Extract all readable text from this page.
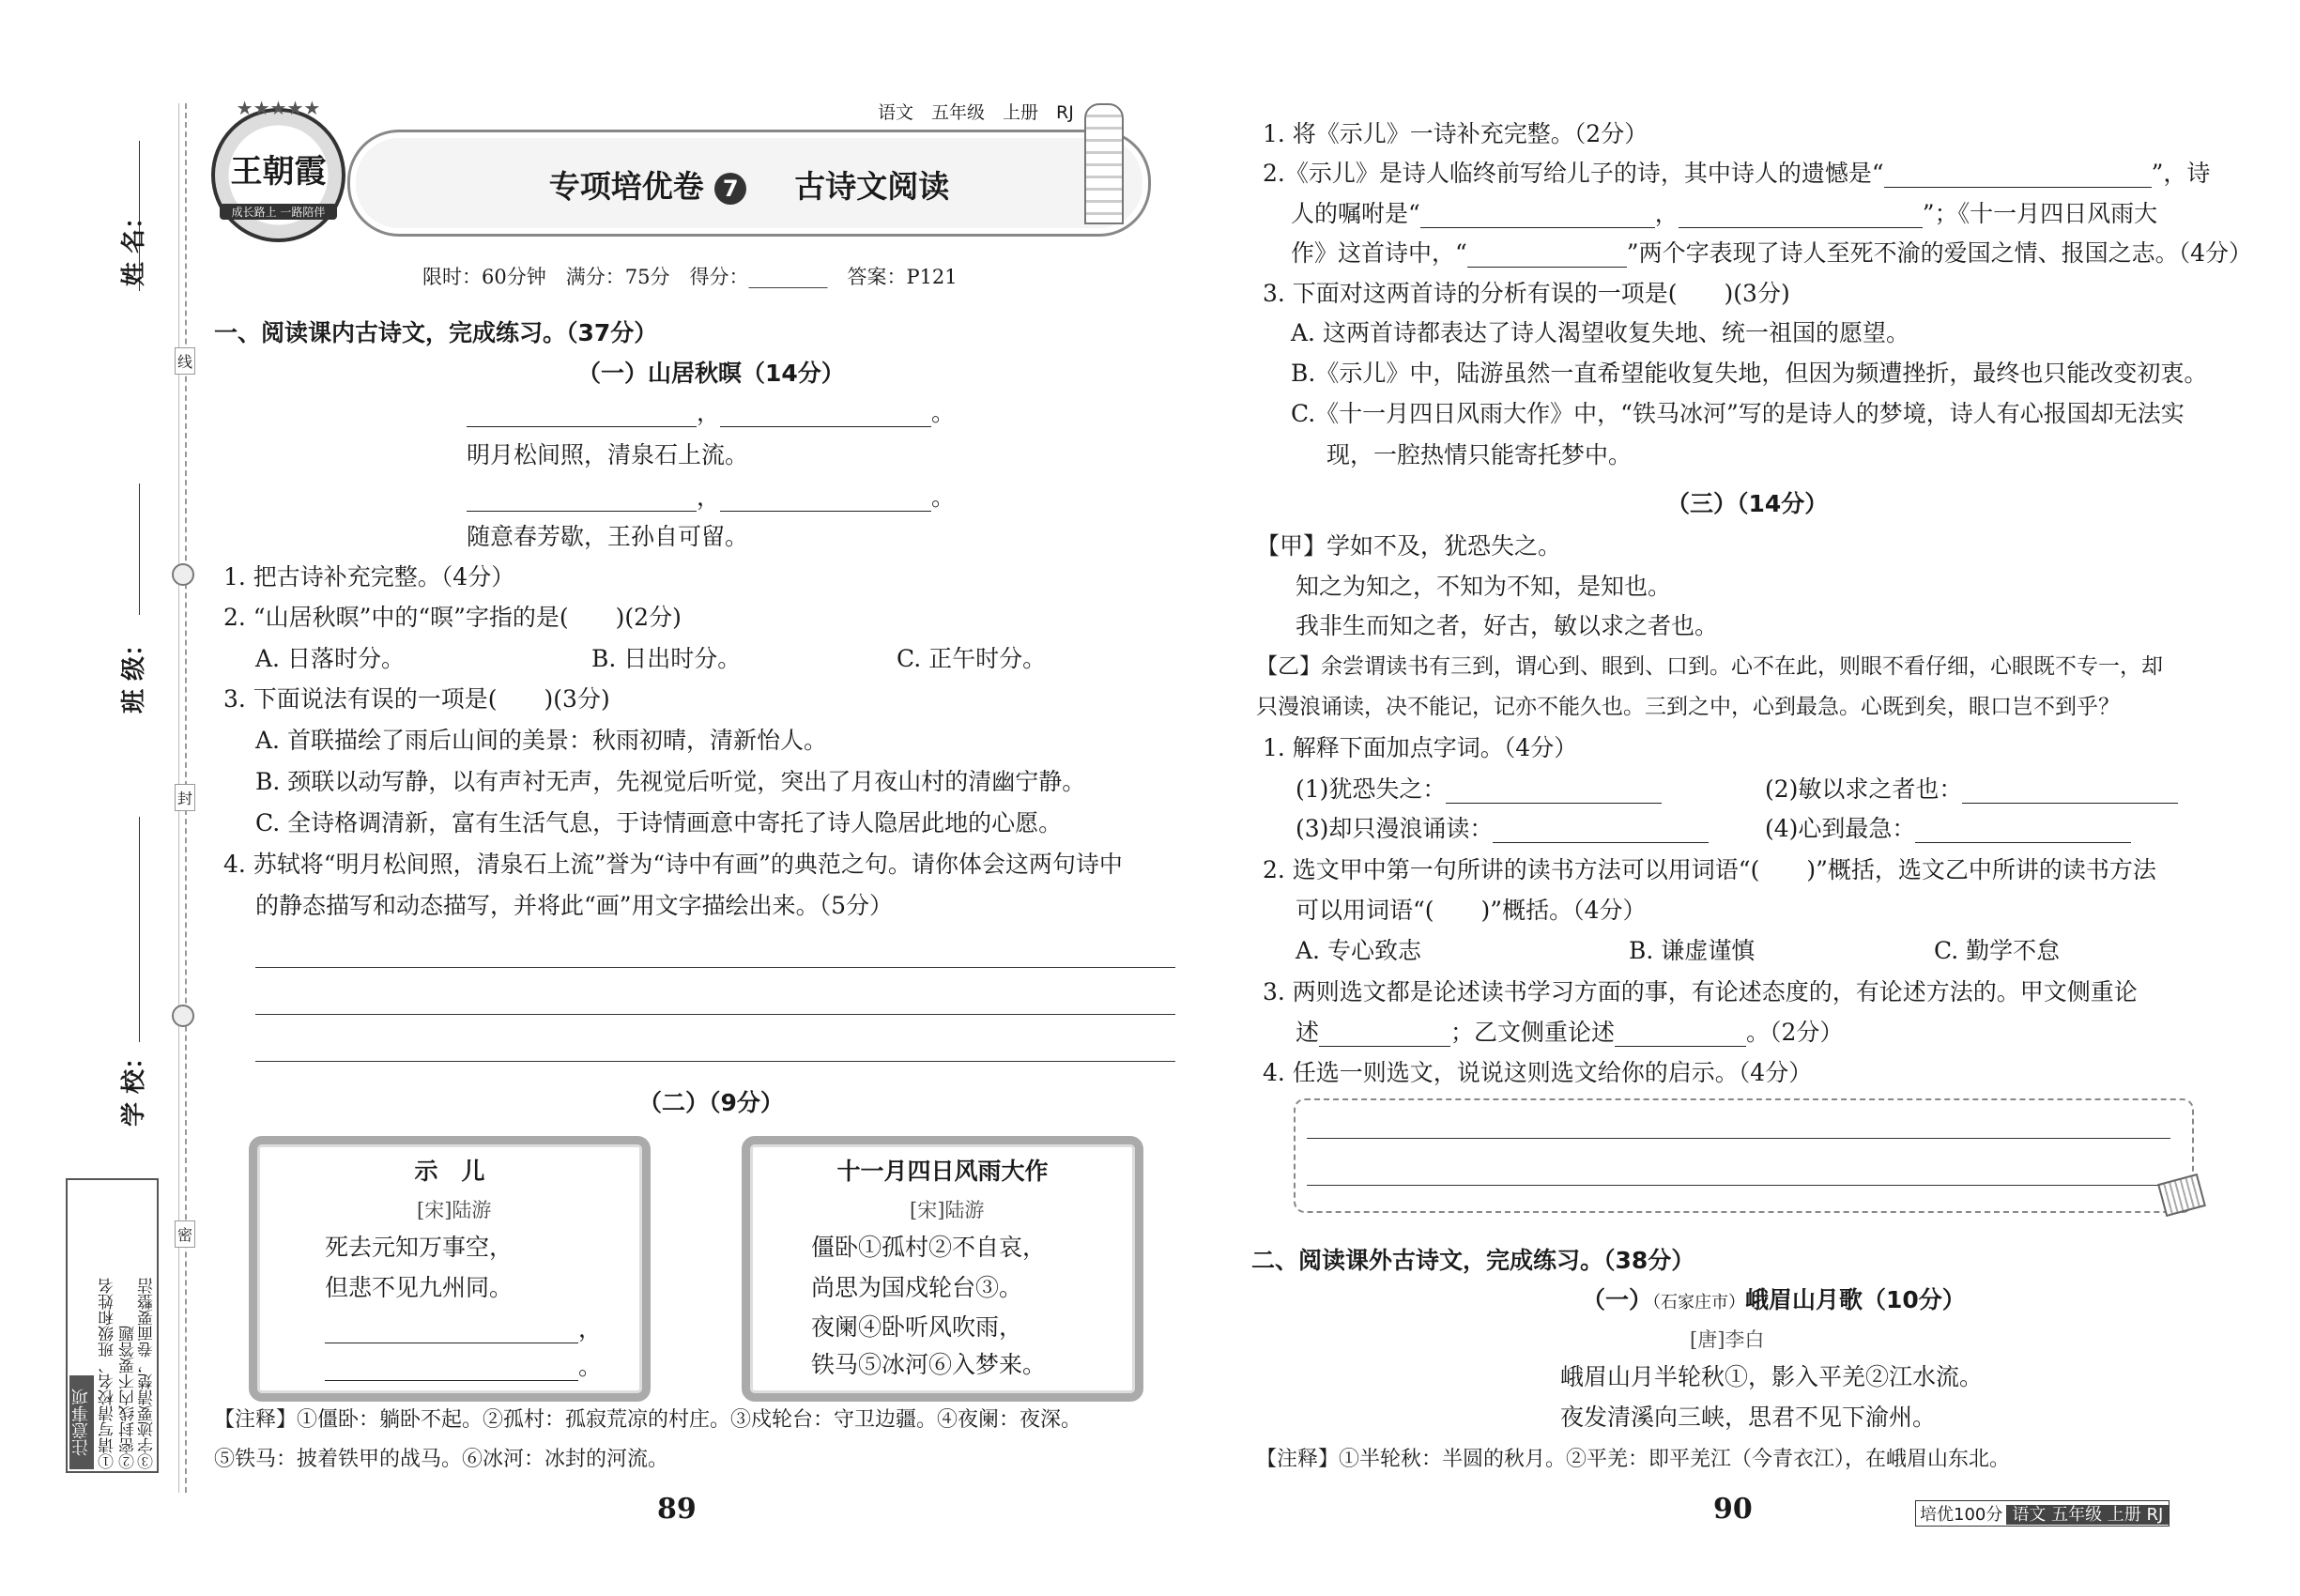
姓 名：
班 级：
学 校：
线
封
密
注意事项 ①请写清校名、班级和姓名 ②密封线内不要答题 ③字迹要清楚，卷面要整洁
★★★★★
王朝霞
成长路上 一路陪伴
语文　五年级　上册　RJ
专项培优卷 7 古诗文阅读
限时：60分钟　满分：75分　得分：________　答案：P121
一、阅读课内古诗文，完成练习。（37分）
（一）山居秋暝（14分）
，	。
明月松间照，清泉石上流。
，	。
随意春芳歇，王孙自可留。
1. 把古诗补充完整。（4分）
2. “山居秋暝”中的“暝”字指的是(　　)(2分)
A. 日落时分。	B. 日出时分。	C. 正午时分。
3. 下面说法有误的一项是(　　)(3分)
A. 首联描绘了雨后山间的美景：秋雨初晴，清新怡人。
B. 颈联以动写静，以有声衬无声，先视觉后听觉，突出了月夜山村的清幽宁静。
C. 全诗格调清新，富有生活气息，于诗情画意中寄托了诗人隐居此地的心愿。
4. 苏轼将“明月松间照，清泉石上流”誉为“诗中有画”的典范之句。请你体会这两句诗中
的静态描写和动态描写，并将此“画”用文字描绘出来。（5分）
（二）（9分）
示　儿
[宋]陆游
死去元知万事空，
但悲不见九州同。
，
。
十一月四日风雨大作
[宋]陆游
僵卧①孤村②不自哀，
尚思为国戍轮台③。
夜阑④卧听风吹雨，
铁马⑤冰河⑥入梦来。
【注释】①僵卧：躺卧不起。②孤村：孤寂荒凉的村庄。③戍轮台：守卫边疆。④夜阑：夜深。
⑤铁马：披着铁甲的战马。⑥冰河：冰封的河流。
89
1. 将《示儿》一诗补充完整。（2分）
2.《示儿》是诗人临终前写给儿子的诗，其中诗人的遗憾是“	”，诗
人的嘱咐是“	，	”；《十一月四日风雨大
作》这首诗中，“	”两个字表现了诗人至死不渝的爱国之情、报国之志。（4分）
3. 下面对这两首诗的分析有误的一项是(　　)(3分)
A. 这两首诗都表达了诗人渴望收复失地、统一祖国的愿望。
B.《示儿》中，陆游虽然一直希望能收复失地，但因为频遭挫折，最终也只能改变初衷。
C.《十一月四日风雨大作》中，“铁马冰河”写的是诗人的梦境，诗人有心报国却无法实
现，一腔热情只能寄托梦中。
（三）（14分）
【甲】学如不及，犹恐失之。
知之为知之，不知为不知，是知也。
我非生而知之者，好古，敏以求之者也。
【乙】余尝谓读书有三到，谓心到、眼到、口到。心不在此，则眼不看仔细，心眼既不专一，却
只漫浪诵读，决不能记，记亦不能久也。三到之中，心到最急。心既到矣，眼口岂不到乎？
1. 解释下面加点字词。（4分）
(1)犹恐失之：	(2)敏以求之者也：
(3)却只漫浪诵读：	(4)心到最急：
2. 选文甲中第一句所讲的读书方法可以用词语“(　　)”概括，选文乙中所讲的读书方法
可以用词语“(　　)”概括。（4分）
A. 专心致志	B. 谦虚谨慎	C. 勤学不怠
3. 两则选文都是论述读书学习方面的事，有论述态度的，有论述方法的。甲文侧重论
述	；乙文侧重论述	。（2分）
4. 任选一则选文，说说这则选文给你的启示。（4分）
二、阅读课外古诗文，完成练习。（38分）
（一）（石家庄市）峨眉山月歌（10分）
[唐]李白
峨眉山月半轮秋①，影入平羌②江水流。
夜发清溪向三峡，思君不见下渝州。
【注释】①半轮秋：半圆的秋月。②平羌：即平羌江（今青衣江），在峨眉山东北。
90	培优100分 语文 五年级 上册 RJ
